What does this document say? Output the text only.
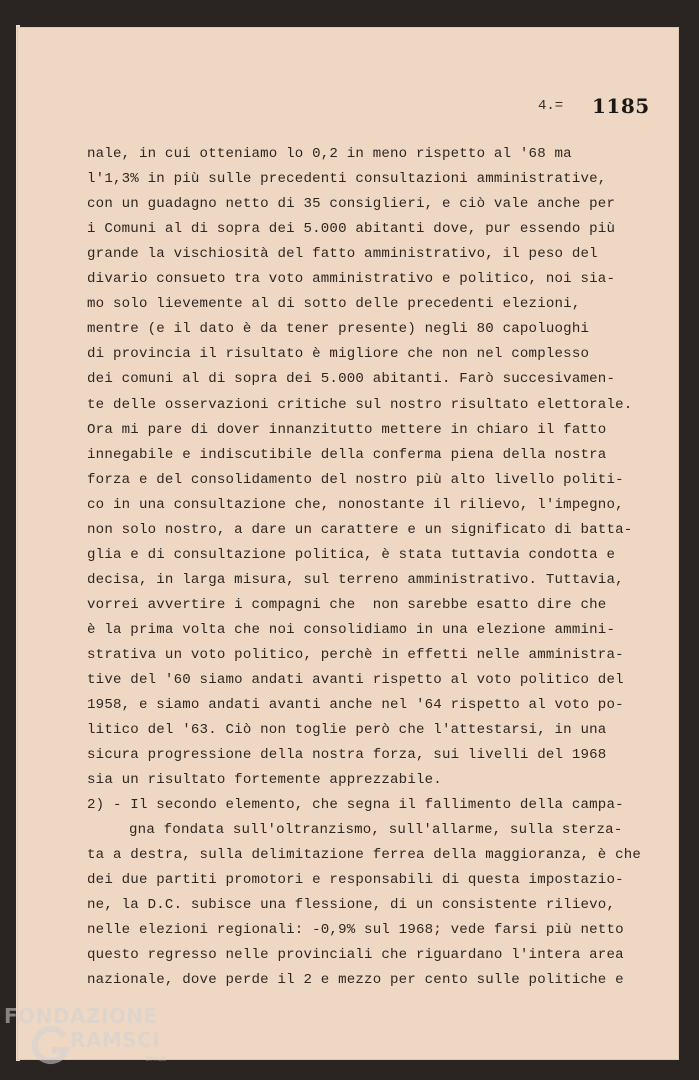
4.= 1185
nale, in cui otteniamo lo 0,2 in meno rispetto al '68 ma
l'1,3% in più sulle precedenti consultazioni amministrative,
con un guadagno netto di 35 consiglieri, e ciò vale anche per
i Comuni al di sopra dei 5.000 abitanti dove, pur essendo più
grande la vischiosità del fatto amministrativo, il peso del
divario consueto tra voto amministrativo e politico, noi sia-
mo solo lievemente al di sotto delle precedenti elezioni,
mentre (e il dato è da tener presente) negli 80 capoluoghi
di provincia il risultato è migliore che non nel complesso
dei comuni al di sopra dei 5.000 abitanti. Farò succesivamen-
te delle osservazioni critiche sul nostro risultato elettorale.
Ora mi pare di dover innanzitutto mettere in chiaro il fatto
innegabile e indiscutibile della conferma piena della nostra
forza e del consolidamento del nostro più alto livello politi-
co in una consultazione che, nonostante il rilievo, l'impegno,
non solo nostro, a dare un carattere e un significato di batta-
glia e di consultazione politica, è stata tuttavia condotta e
decisa, in larga misura, sul terreno amministrativo. Tuttavia,
vorrei avvertire i compagni che  non sarebbe esatto dire che
è la prima volta che noi consolidiamo in una elezione ammini-
strativa un voto politico, perchè in effetti nelle amministra-
tive del '60 siamo andati avanti rispetto al voto politico del
1958, e siamo andati avanti anche nel '64 rispetto al voto po-
litico del '63. Ciò non toglie però che l'attestarsi, in una
sicura progressione della nostra forza, sui livelli del 1968
sia un risultato fortemente apprezzabile.
2) - Il secondo elemento, che segna il fallimento della campa-
gna fondata sull'oltranzismo, sull'allarme, sulla sterza-
ta a destra, sulla delimitazione ferrea della maggioranza, è che
dei due partiti promotori e responsabili di questa impostazio-
ne, la D.C. subisce una flessione, di un consistente rilievo,
nelle elezioni regionali: -0,9% sul 1968; vede farsi più netto
questo regresso nelle provinciali che riguardano l'intera area
nazionale, dove perde il 2 e mezzo per cento sulle politiche e
FONDAZIONE
RAMSCI
onlus
